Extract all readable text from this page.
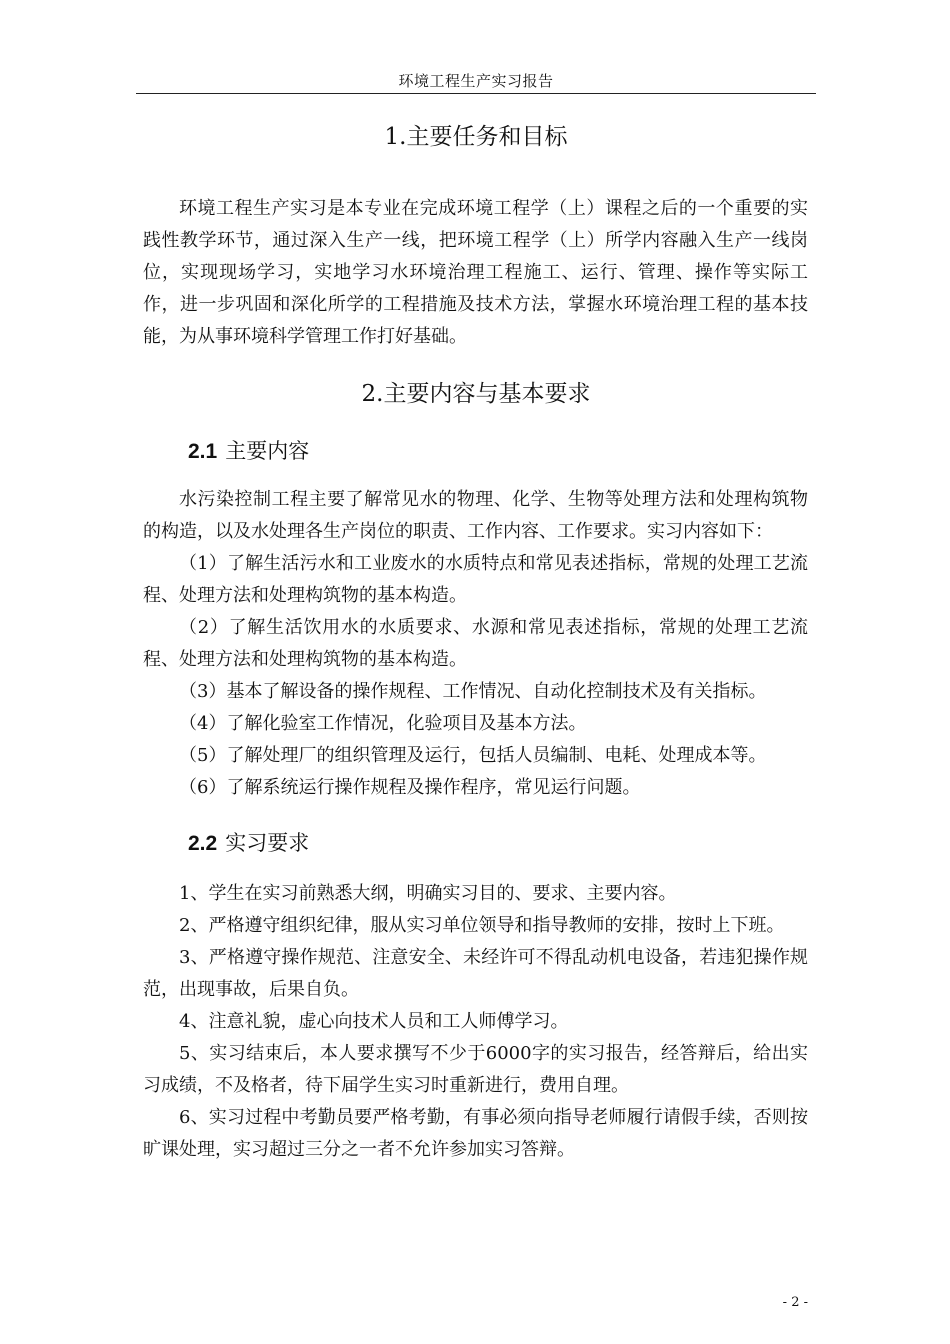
环境工程生产实习报告
1.主要任务和目标

环境工程生产实习是本专业在完成环境工程学（上）课程之后的一个重要的实践性教学环节，通过深入生产一线，把环境工程学（上）所学内容融入生产一线岗位，实现现场学习，实地学习水环境治理工程施工、运行、管理、操作等实际工作，进一步巩固和深化所学的工程措施及技术方法，掌握水环境治理工程的基本技能，为从事环境科学管理工作打好基础。

2.主要内容与基本要求
2.1 主要内容

水污染控制工程主要了解常见水的物理、化学、生物等处理方法和处理构筑物的构造，以及水处理各生产岗位的职责、工作内容、工作要求。实习内容如下：

（1）了解生活污水和工业废水的水质特点和常见表述指标，常规的处理工艺流程、处理方法和处理构筑物的基本构造。

（2）了解生活饮用水的水质要求、水源和常见表述指标，常规的处理工艺流程、处理方法和处理构筑物的基本构造。

（3）基本了解设备的操作规程、工作情况、自动化控制技术及有关指标。

（4）了解化验室工作情况，化验项目及基本方法。

（5）了解处理厂的组织管理及运行，包括人员编制、电耗、处理成本等。

（6）了解系统运行操作规程及操作程序，常见运行问题。

2.2 实习要求

1、学生在实习前熟悉大纲，明确实习目的、要求、主要内容。

2、严格遵守组织纪律，服从实习单位领导和指导教师的安排，按时上下班。

3、严格遵守操作规范、注意安全、未经许可不得乱动机电设备，若违犯操作规范，出现事故，后果自负。

4、注意礼貌，虚心向技术人员和工人师傅学习。

5、实习结束后，本人要求撰写不少于6000字的实习报告，经答辩后，给出实习成绩，不及格者，待下届学生实习时重新进行，费用自理。

6、实习过程中考勤员要严格考勤，有事必须向指导老师履行请假手续，否则按旷课处理，实习超过三分之一者不允许参加实习答辩。

- 2 -
